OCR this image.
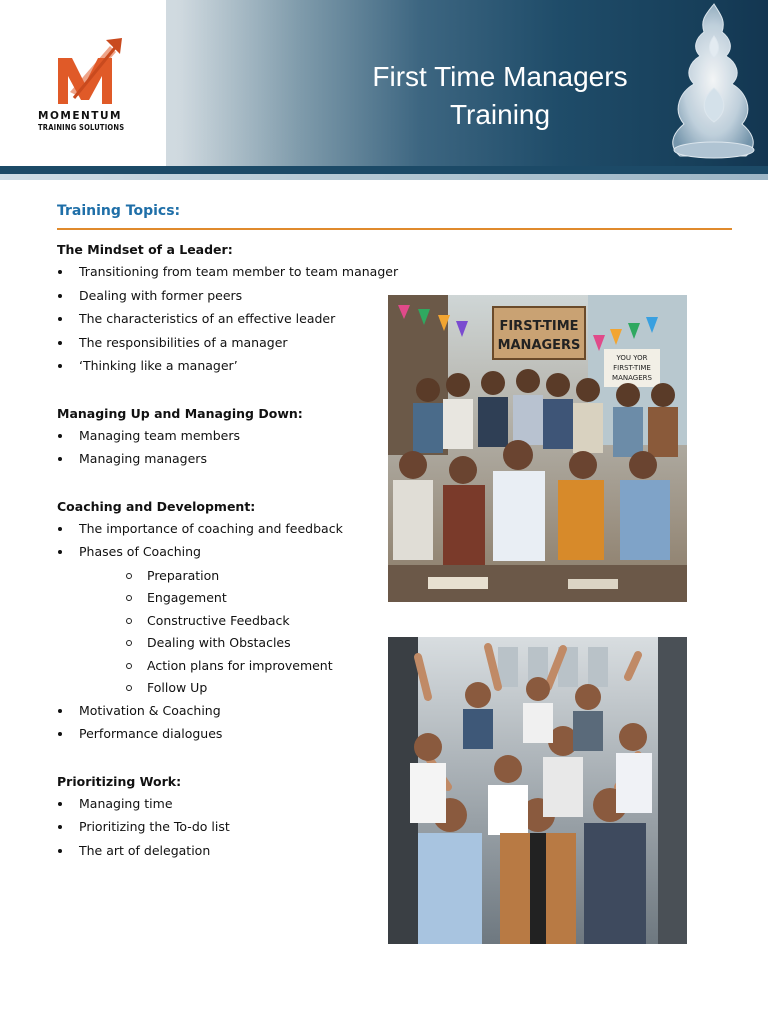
MOMENTUM
TRAINING SOLUTIONS
First Time Managers
Training
Training Topics:
The Mindset of a Leader:
Transitioning from team member to team manager
Dealing with former peers
The characteristics of an effective leader
The responsibilities of a manager
‘Thinking like a manager’
Managing Up and Managing Down:
Managing team members
Managing managers
Coaching and Development:
The importance of coaching and feedback
Phases of Coaching
Preparation
Engagement
Constructive Feedback
Dealing with Obstacles
Action plans for improvement
Follow Up
Motivation & Coaching
Performance dialogues
Prioritizing Work:
Managing time
Prioritizing the To-do list
The art of delegation
FIRST-TIME
MANAGERS
YOU YOR
FIRST-TIME
MANAGERS
